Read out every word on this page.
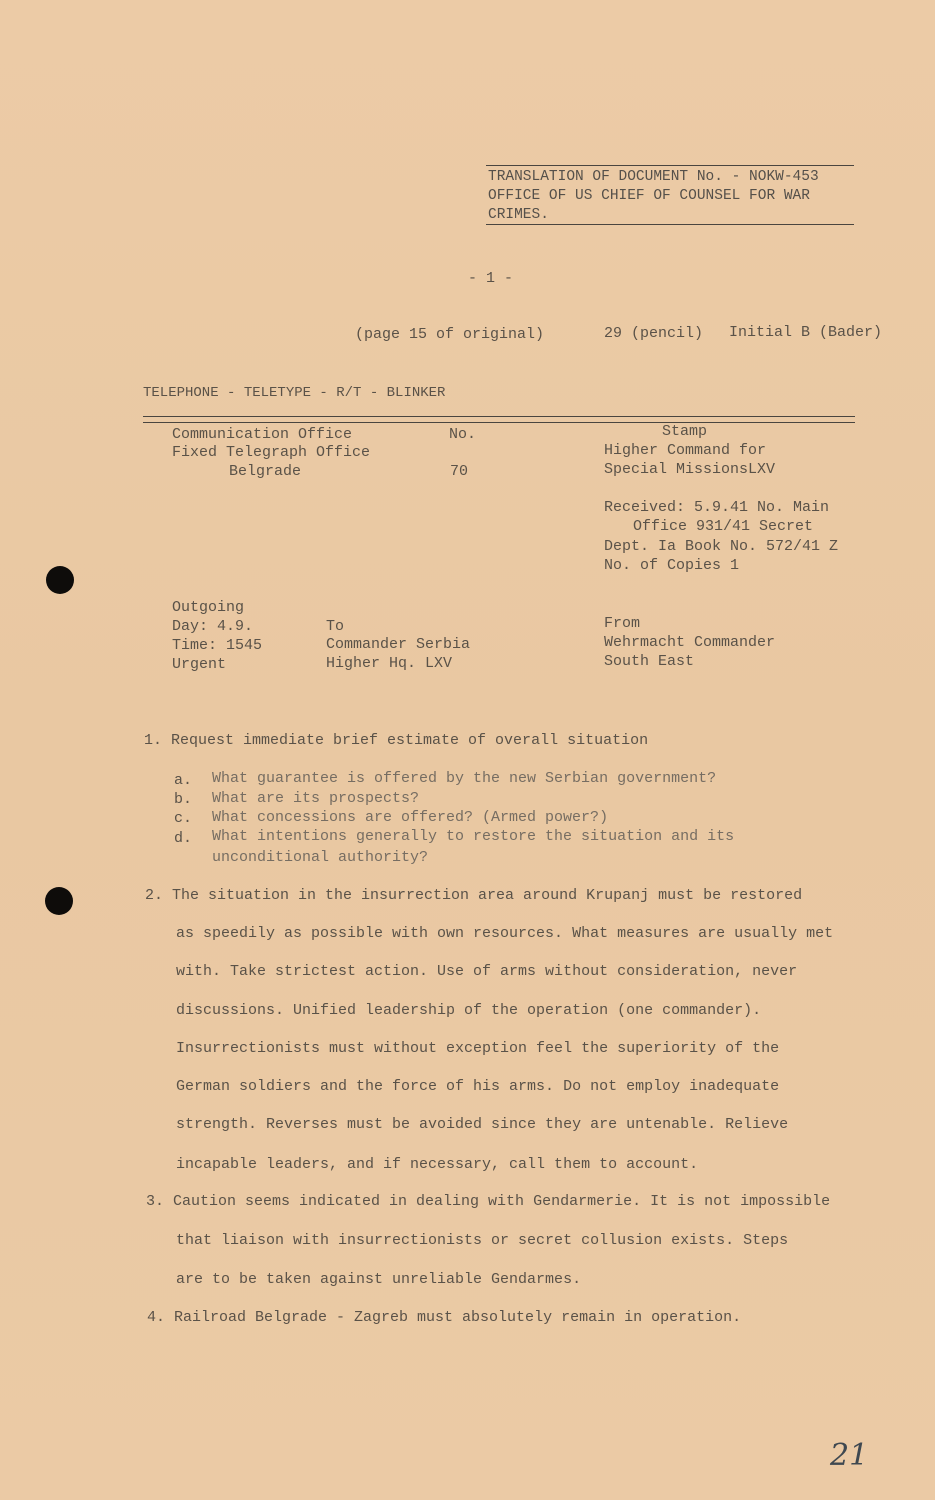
TRANSLATION OF DOCUMENT No. - NOKW-453
OFFICE OF US CHIEF OF COUNSEL FOR WAR
CRIMES.
- 1 -
(page 15 of original)	29 (pencil) Initial B (Bader)
TELEPHONE - TELETYPE - R/T - BLINKER
Communication Office
Fixed Telegraph Office
Belgrade
No.
70
Stamp
Higher Command for
Special MissionsLXV
Received: 5.9.41 No. Main
Office 931/41 Secret
Dept. Ia Book No. 572/41 Z
No. of Copies 1
Outgoing
Day: 4.9.
Time: 1545
Urgent
To
Commander Serbia
Higher Hq. LXV
From
Wehrmacht Commander
South East
1. Request immediate brief estimate of overall situation
a. What guarantee is offered by the new Serbian government?
b. What are its prospects?
c. What concessions are offered? (Armed power?)
d. What intentions generally to restore the situation and its
unconditional authority?
2. The situation in the insurrection area around Krupanj must be restored
as speedily as possible with own resources. What measures are usually met
with. Take strictest action. Use of arms without consideration, never
discussions. Unified leadership of the operation (one commander).
Insurrectionists must without exception feel the superiority of the
German soldiers and the force of his arms. Do not employ inadequate
strength. Reverses must be avoided since they are untenable. Relieve
incapable leaders, and if necessary, call them to account.
3. Caution seems indicated in dealing with Gendarmerie. It is not impossible
that liaison with insurrectionists or secret collusion exists. Steps
are to be taken against unreliable Gendarmes.
4. Railroad Belgrade - Zagreb must absolutely remain in operation.
21
